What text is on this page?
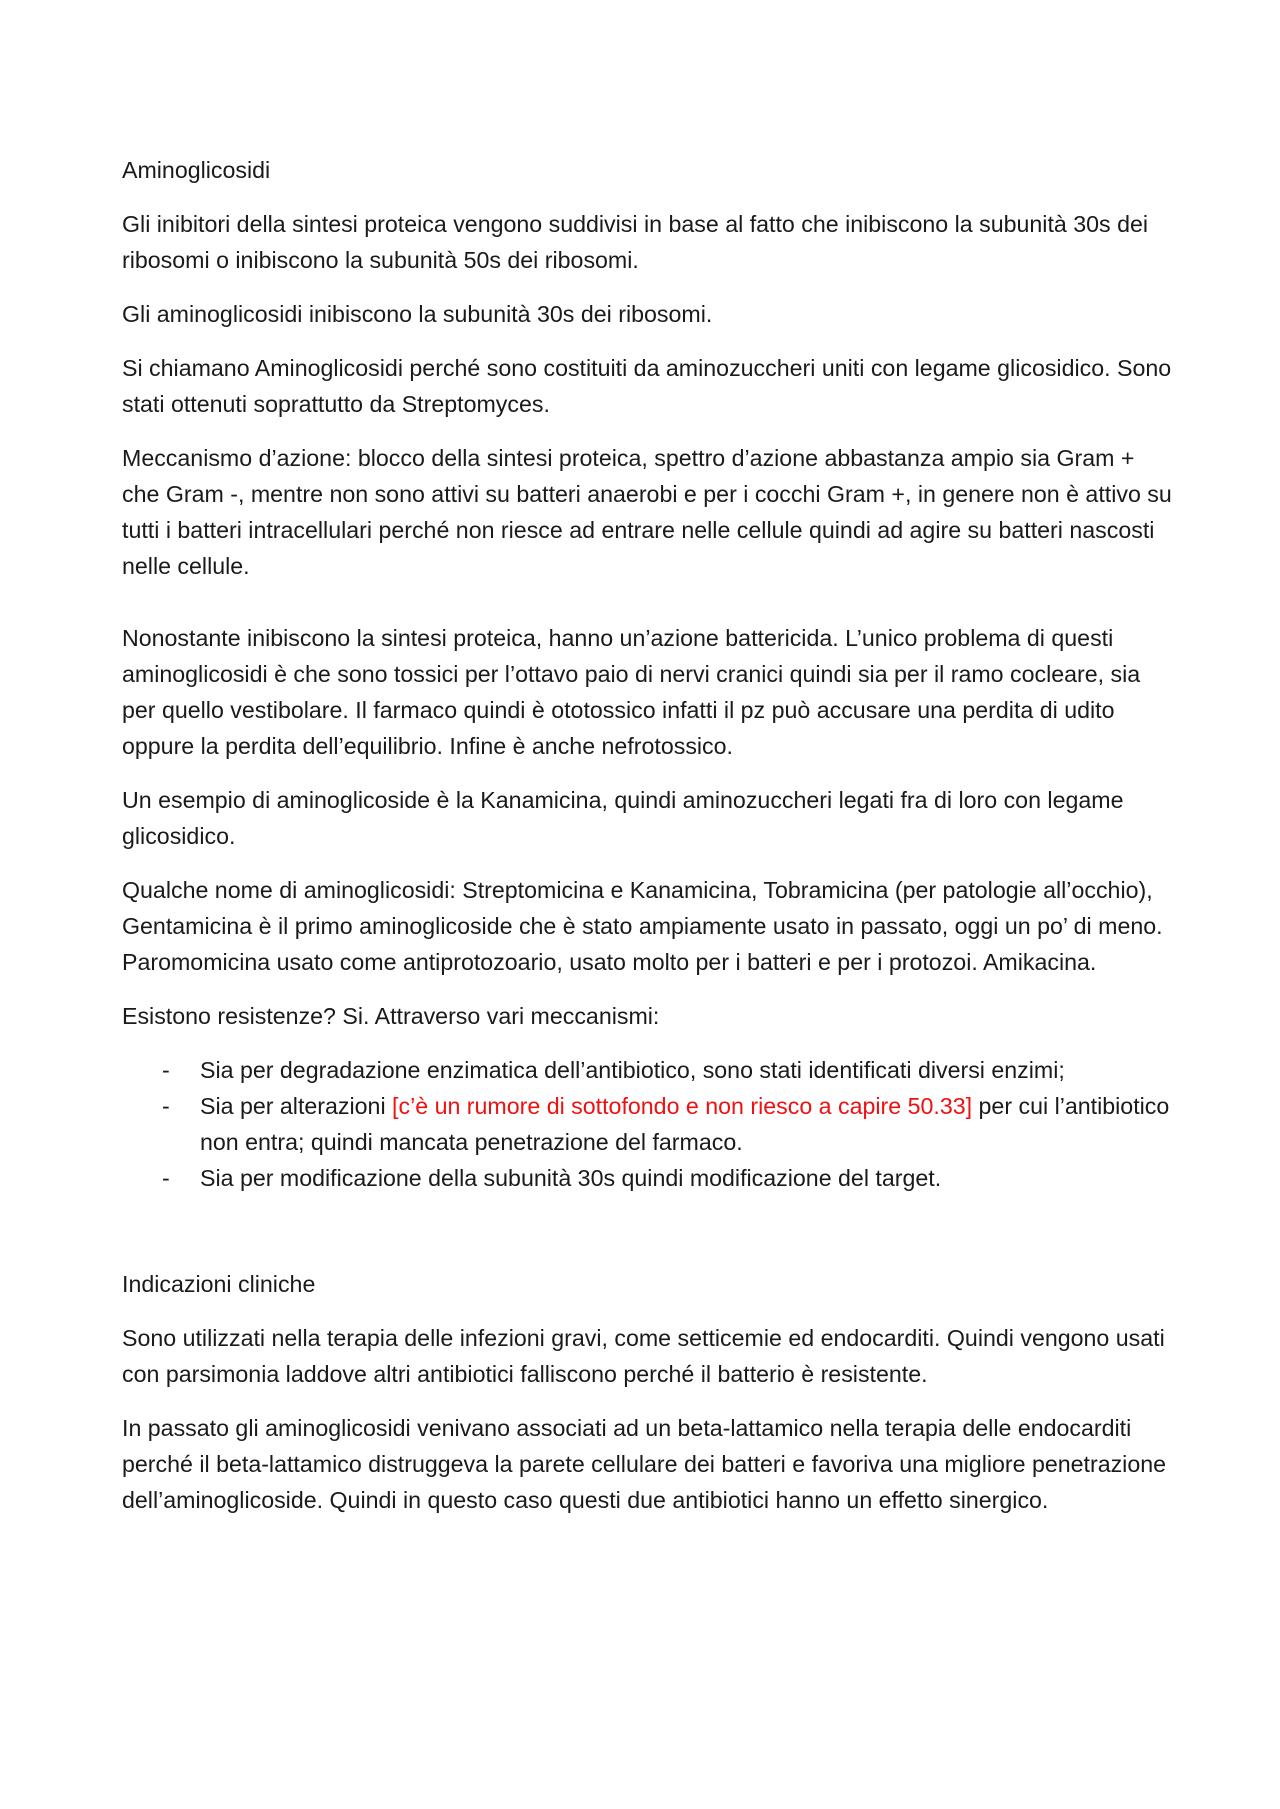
Aminoglicosidi

Gli inibitori della sintesi proteica vengono suddivisi in base al fatto che inibiscono la subunità 30s dei ribosomi o inibiscono la subunità 50s dei ribosomi.

Gli aminoglicosidi inibiscono la subunità 30s dei ribosomi.

Si chiamano Aminoglicosidi perché sono costituiti da aminozuccheri uniti con legame glicosidico. Sono stati ottenuti soprattutto da Streptomyces.

Meccanismo d’azione: blocco della sintesi proteica, spettro d’azione abbastanza ampio sia Gram + che Gram -, mentre non sono attivi su batteri anaerobi e per i cocchi Gram +, in genere non è attivo su tutti i batteri intracellulari perché non riesce ad entrare nelle cellule quindi ad agire su batteri nascosti nelle cellule.

Nonostante inibiscono la sintesi proteica, hanno un’azione battericida. L’unico problema di questi aminoglicosidi è che sono tossici per l’ottavo paio di nervi cranici quindi sia per il ramo cocleare, sia per quello vestibolare. Il farmaco quindi è ototossico infatti il pz può accusare una perdita di udito oppure la perdita dell’equilibrio. Infine è anche nefrotossico.

Un esempio di aminoglicoside è la Kanamicina, quindi aminozuccheri legati fra di loro con legame glicosidico.

Qualche nome di aminoglicosidi: Streptomicina e Kanamicina, Tobramicina (per patologie all’occhio), Gentamicina è il primo aminoglicoside che è stato ampiamente usato in passato, oggi un po’ di meno. Paromomicina usato come antiprotozoario, usato molto per i batteri e per i protozoi. Amikacina.

Esistono resistenze? Si. Attraverso vari meccanismi:

- Sia per degradazione enzimatica dell’antibiotico, sono stati identificati diversi enzimi;
- Sia per alterazioni [c’è un rumore di sottofondo e non riesco a capire 50.33] per cui l’antibiotico non entra; quindi mancata penetrazione del farmaco.
- Sia per modificazione della subunità 30s quindi modificazione del target.

Indicazioni cliniche

Sono utilizzati nella terapia delle infezioni gravi, come setticemie ed endocarditi. Quindi vengono usati con parsimonia laddove altri antibiotici falliscono perché il batterio è resistente.

In passato gli aminoglicosidi venivano associati ad un beta-lattamico nella terapia delle endocarditi perché il beta-lattamico distruggeva la parete cellulare dei batteri e favoriva una migliore penetrazione dell’aminoglicoside. Quindi in questo caso questi due antibiotici hanno un effetto sinergico.
